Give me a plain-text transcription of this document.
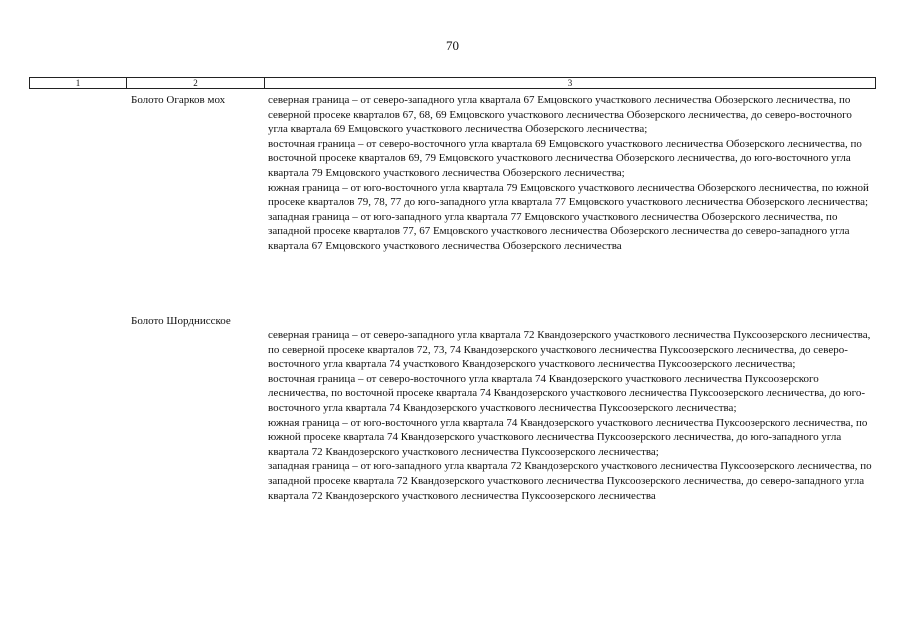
70
1	2	3
Болото Огарков мох	северная граница – от северо-западного угла квартала 67 Емцовского участкового лесничества Обозерского лесничества, по северной просеке кварталов 67, 68, 69 Емцовского участкового лесничества Обозерского лесничества, до северо-восточного угла квартала 69 Емцовского участкового лесничества Обозерского лесничества;

восточная граница – от северо-восточного угла квартала 69 Емцовского участкового лесничества Обозерского лесничества, по восточной просеке кварталов 69, 79 Емцовского участкового лесничества Обозерского лесничества, до юго-восточного угла квартала 79 Емцовского участкового лесничества Обозерского лесничества;

южная граница – от юго-восточного угла квартала 79 Емцовского участкового лесничества Обозерского лесничества, по южной просеке кварталов 79, 78, 77 до юго-западного угла квартала 77 Емцовского участкового лесничества Обозерского лесничества;

западная граница – от юго-западного угла квартала 77 Емцовского участкового лесничества Обозерского лесничества, по западной просеке кварталов 77, 67 Емцовского участкового лесничества Обозерского лесничества до северо-западного угла квартала 67 Емцовского участкового лесничества Обозерского лесничества

Болото Шорднисское

северная граница – от северо-западного угла квартала 72 Квандозерского участкового лесничества Пуксоозерского лесничества, по северной просеке кварталов 72, 73, 74 Квандозерского участкового лесничества Пуксоозерского лесничества, до северо-восточного угла квартала 74 участкового Квандозерского участкового лесничества Пуксоозерского лесничества;

восточная граница – от северо-восточного угла квартала 74 Квандозерского участкового лесничества Пуксоозерского лесничества, по восточной просеке квартала 74 Квандозерского участкового лесничества Пуксоозерского лесничества, до юго-восточного угла квартала 74 Квандозерского участкового лесничества Пуксоозерского лесничества;

южная граница – от юго-восточного угла квартала 74 Квандозерского участкового лесничества Пуксоозерского лесничества, по южной просеке квартала 74 Квандозерского участкового лесничества Пуксоозерского лесничества, до юго-западного угла квартала 72 Квандозерского участкового лесничества Пуксоозерского лесничества;

западная граница – от юго-западного угла квартала 72 Квандозерского участкового лесничества Пуксоозерского лесничества, по западной просеке квартала 72 Квандозерского участкового лесничества Пуксоозерского лесничества, до северо-западного угла квартала 72 Квандозерского участкового лесничества Пуксоозерского лесничества
